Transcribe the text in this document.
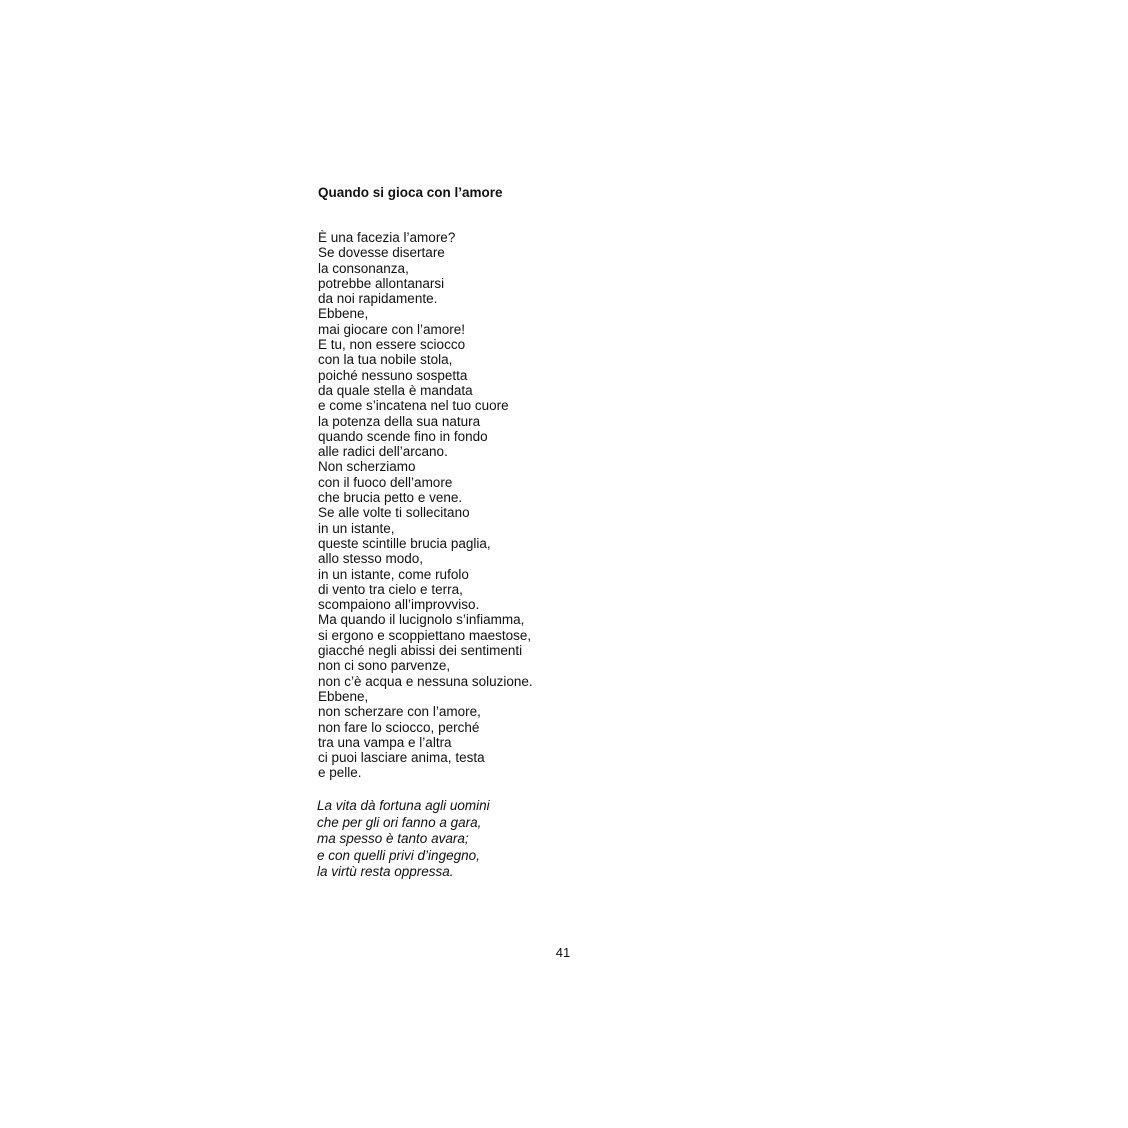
Quando si gioca con l’amore
È una facezia l’amore?
Se dovesse disertare
la consonanza,
potrebbe allontanarsi
da noi rapidamente.
Ebbene,
mai giocare con l’amore!
E tu, non essere sciocco
con la tua nobile stola,
poiché nessuno sospetta
da quale stella è mandata
e come s’incatena nel tuo cuore
la potenza della sua natura
quando scende fino in fondo
alle radici dell’arcano.
Non scherziamo
con il fuoco dell’amore
che brucia petto e vene.
Se alle volte ti sollecitano
in un istante,
queste scintille brucia paglia,
allo stesso modo,
in un istante, come rufolo
di vento tra cielo e terra,
scompaiono all’improvviso.
Ma quando il lucignolo s’infiamma,
si ergono e scoppiettano maestose,
giacché negli abissi dei sentimenti
non ci sono parvenze,
non c’è acqua e nessuna soluzione.
Ebbene,
non scherzare con l’amore,
non fare lo sciocco, perché
tra una vampa e l’altra
ci puoi lasciare anima, testa
e pelle.
La vita dà fortuna agli uomini
che per gli ori fanno a gara,
ma spesso è tanto avara;
e con quelli privi d’ingegno,
la virtù resta oppressa.
41
